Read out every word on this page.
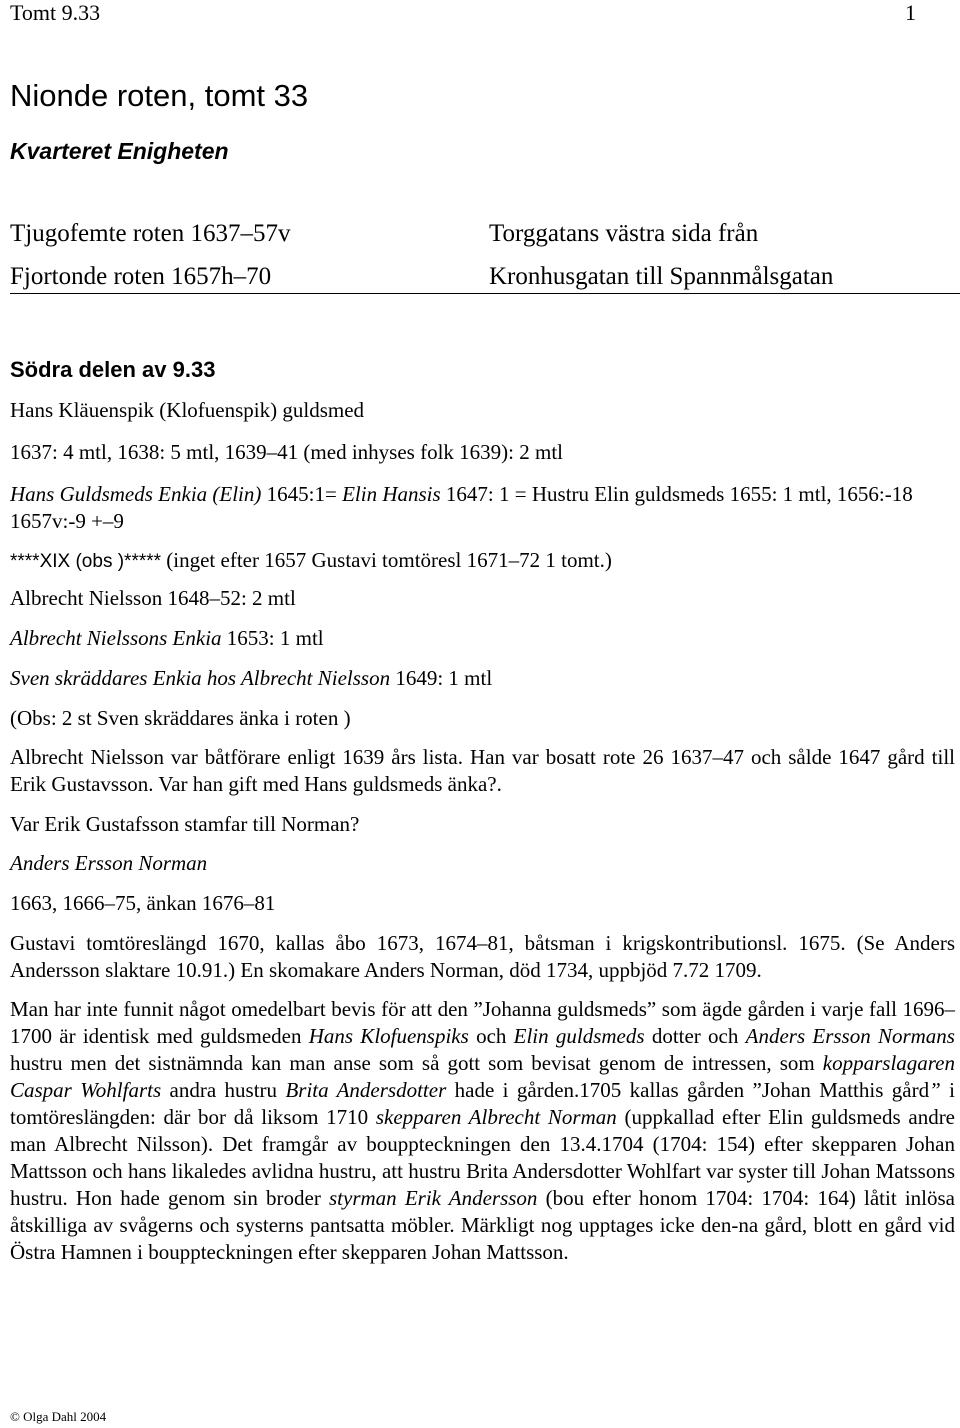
Tomt 9.33	1
Nionde roten, tomt 33
Kvarteret Enigheten
Tjugofemte roten 1637–57v
Fjortonde roten 1657h–70
Torggatans västra sida från
Kronhusgatan till Spannmålsgatan
Södra delen av 9.33
Hans Kläuenspik (Klofuenspik) guldsmed
1637: 4 mtl, 1638: 5 mtl, 1639–41 (med inhyses folk 1639): 2 mtl
Hans Guldsmeds Enkia (Elin) 1645:1= Elin Hansis 1647: 1 = Hustru Elin guldsmeds 1655: 1 mtl, 1656:-18 1657v:-9 +–9
****XIX (obs )***** (inget efter 1657 Gustavi tomtöresl 1671–72 1 tomt.)
Albrecht Nielsson 1648–52: 2 mtl
Albrecht Nielssons Enkia 1653: 1 mtl
Sven skräddares Enkia hos Albrecht Nielsson 1649: 1 mtl
(Obs: 2 st Sven skräddares änka i roten )
Albrecht Nielsson var båtförare enligt 1639 års lista. Han var bosatt rote 26 1637–47 och sålde 1647 gård till Erik Gustavsson. Var han gift med Hans guldsmeds änka?.
Var Erik Gustafsson stamfar till Norman?
Anders Ersson Norman
1663, 1666–75, änkan 1676–81
Gustavi tomtöreslängd 1670, kallas åbo 1673, 1674–81, båtsman i krigskontributionsl. 1675. (Se Anders Andersson slaktare 10.91.) En skomakare Anders Norman, död 1734, uppbjöd 7.72 1709.
Man har inte funnit något omedelbart bevis för att den ”Johanna guldsmeds” som ägde gården i varje fall 1696–1700 är identisk med guldsmeden Hans Klofuenspiks och Elin guldsmeds dotter och Anders Ersson Normans hustru men det sistnämnda kan man anse som så gott som bevisat genom de intressen, som kopparslagaren Caspar Wohlfarts andra hustru Brita Andersdotter hade i gården.1705 kallas gården ”Johan Matthis gård” i tomtöreslängden: där bor då liksom 1710 skepparen Albrecht Norman (uppkallad efter Elin guldsmeds andre man Albrecht Nilsson). Det framgår av bouppteckningen den 13.4.1704 (1704: 154) efter skepparen Johan Mattsson och hans likaledes avlidna hustru, att hustru Brita Andersdotter Wohlfart var syster till Johan Matssons hustru. Hon hade genom sin broder styrman Erik Andersson (bou efter honom 1704: 1704: 164) låtit inlösa åtskilliga av svågerns och systerns pantsatta möbler. Märkligt nog upptages icke den-na gård, blott en gård vid Östra Hamnen i bouppteckningen efter skepparen Johan Mattsson.
© Olga Dahl 2004
